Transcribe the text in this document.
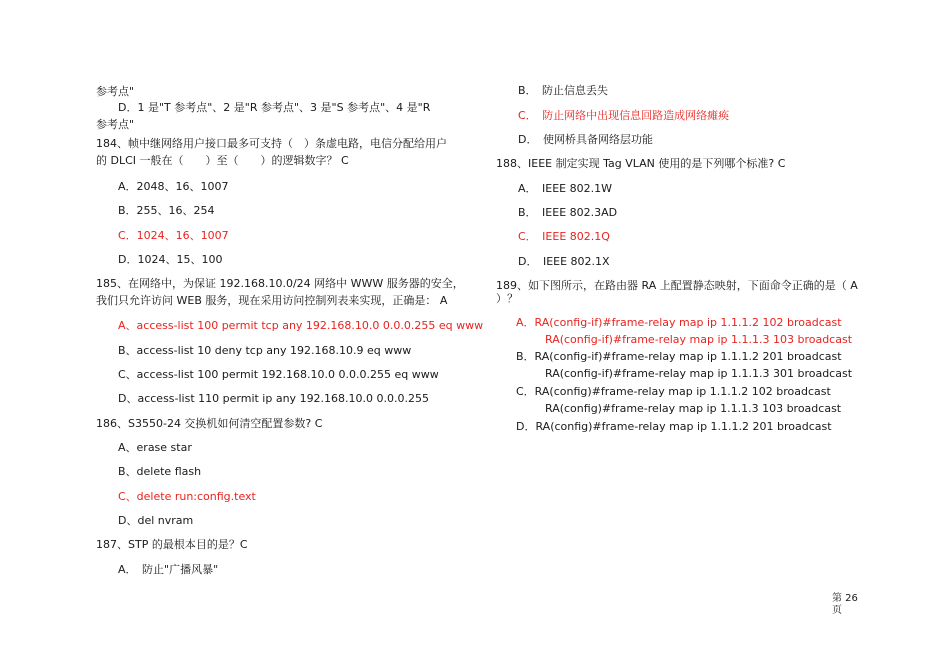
第 26
页
参考点"
D．1 是"T 参考点"、2 是"R 参考点"、3 是"S 参考点"、4 是"R
参考点"
184、帧中继网络用户接口最多可支持（　）条虚电路，电信分配给用户
的 DLCI 一般在（　　）至（　　）的逻辑数字？ C
A．2048、16、1007
B．255、16、254
C．1024、16、1007
D．1024、15、100
185、在网络中，为保证 192.168.10.0/24 网络中 WWW 服务器的安全，
我们只允许访问 WEB 服务，现在采用访问控制列表来实现，正确是： A
A、access-list 100 permit tcp any 192.168.10.0 0.0.0.255 eq www
B、access-list 10 deny tcp any 192.168.10.9 eq www
C、access-list 100 permit 192.168.10.0 0.0.0.255 eq www
D、access-list 110 permit ip any 192.168.10.0 0.0.0.255
186、S3550-24 交换机如何清空配置参数? C
A、erase star
B、delete flash
C、delete run:config.text
D、del nvram
187、STP 的最根本目的是？C
A．　防止"广播风暴"
B．　防止信息丢失
C．　防止网络中出现信息回路造成网络瘫痪
D．　使网桥具备网络层功能
188、IEEE 制定实现 Tag VLAN 使用的是下列哪个标准? C
A．　IEEE 802.1W
B．　IEEE 802.3AD
C．　IEEE 802.1Q
D．　IEEE 802.1X
189、如下图所示，在路由器 RA 上配置静态映射，下面命令正确的是（ A
）？
A．RA(config-if)#frame-relay map ip 1.1.1.2 102 broadcast
RA(config-if)#frame-relay map ip 1.1.1.3 103 broadcast
B．RA(config-if)#frame-relay map ip 1.1.1.2 201 broadcast
RA(config-if)#frame-relay map ip 1.1.1.3 301 broadcast
C．RA(config)#frame-relay map ip 1.1.1.2 102 broadcast
RA(config)#frame-relay map ip 1.1.1.3 103 broadcast
D．RA(config)#frame-relay map ip 1.1.1.2 201 broadcast
